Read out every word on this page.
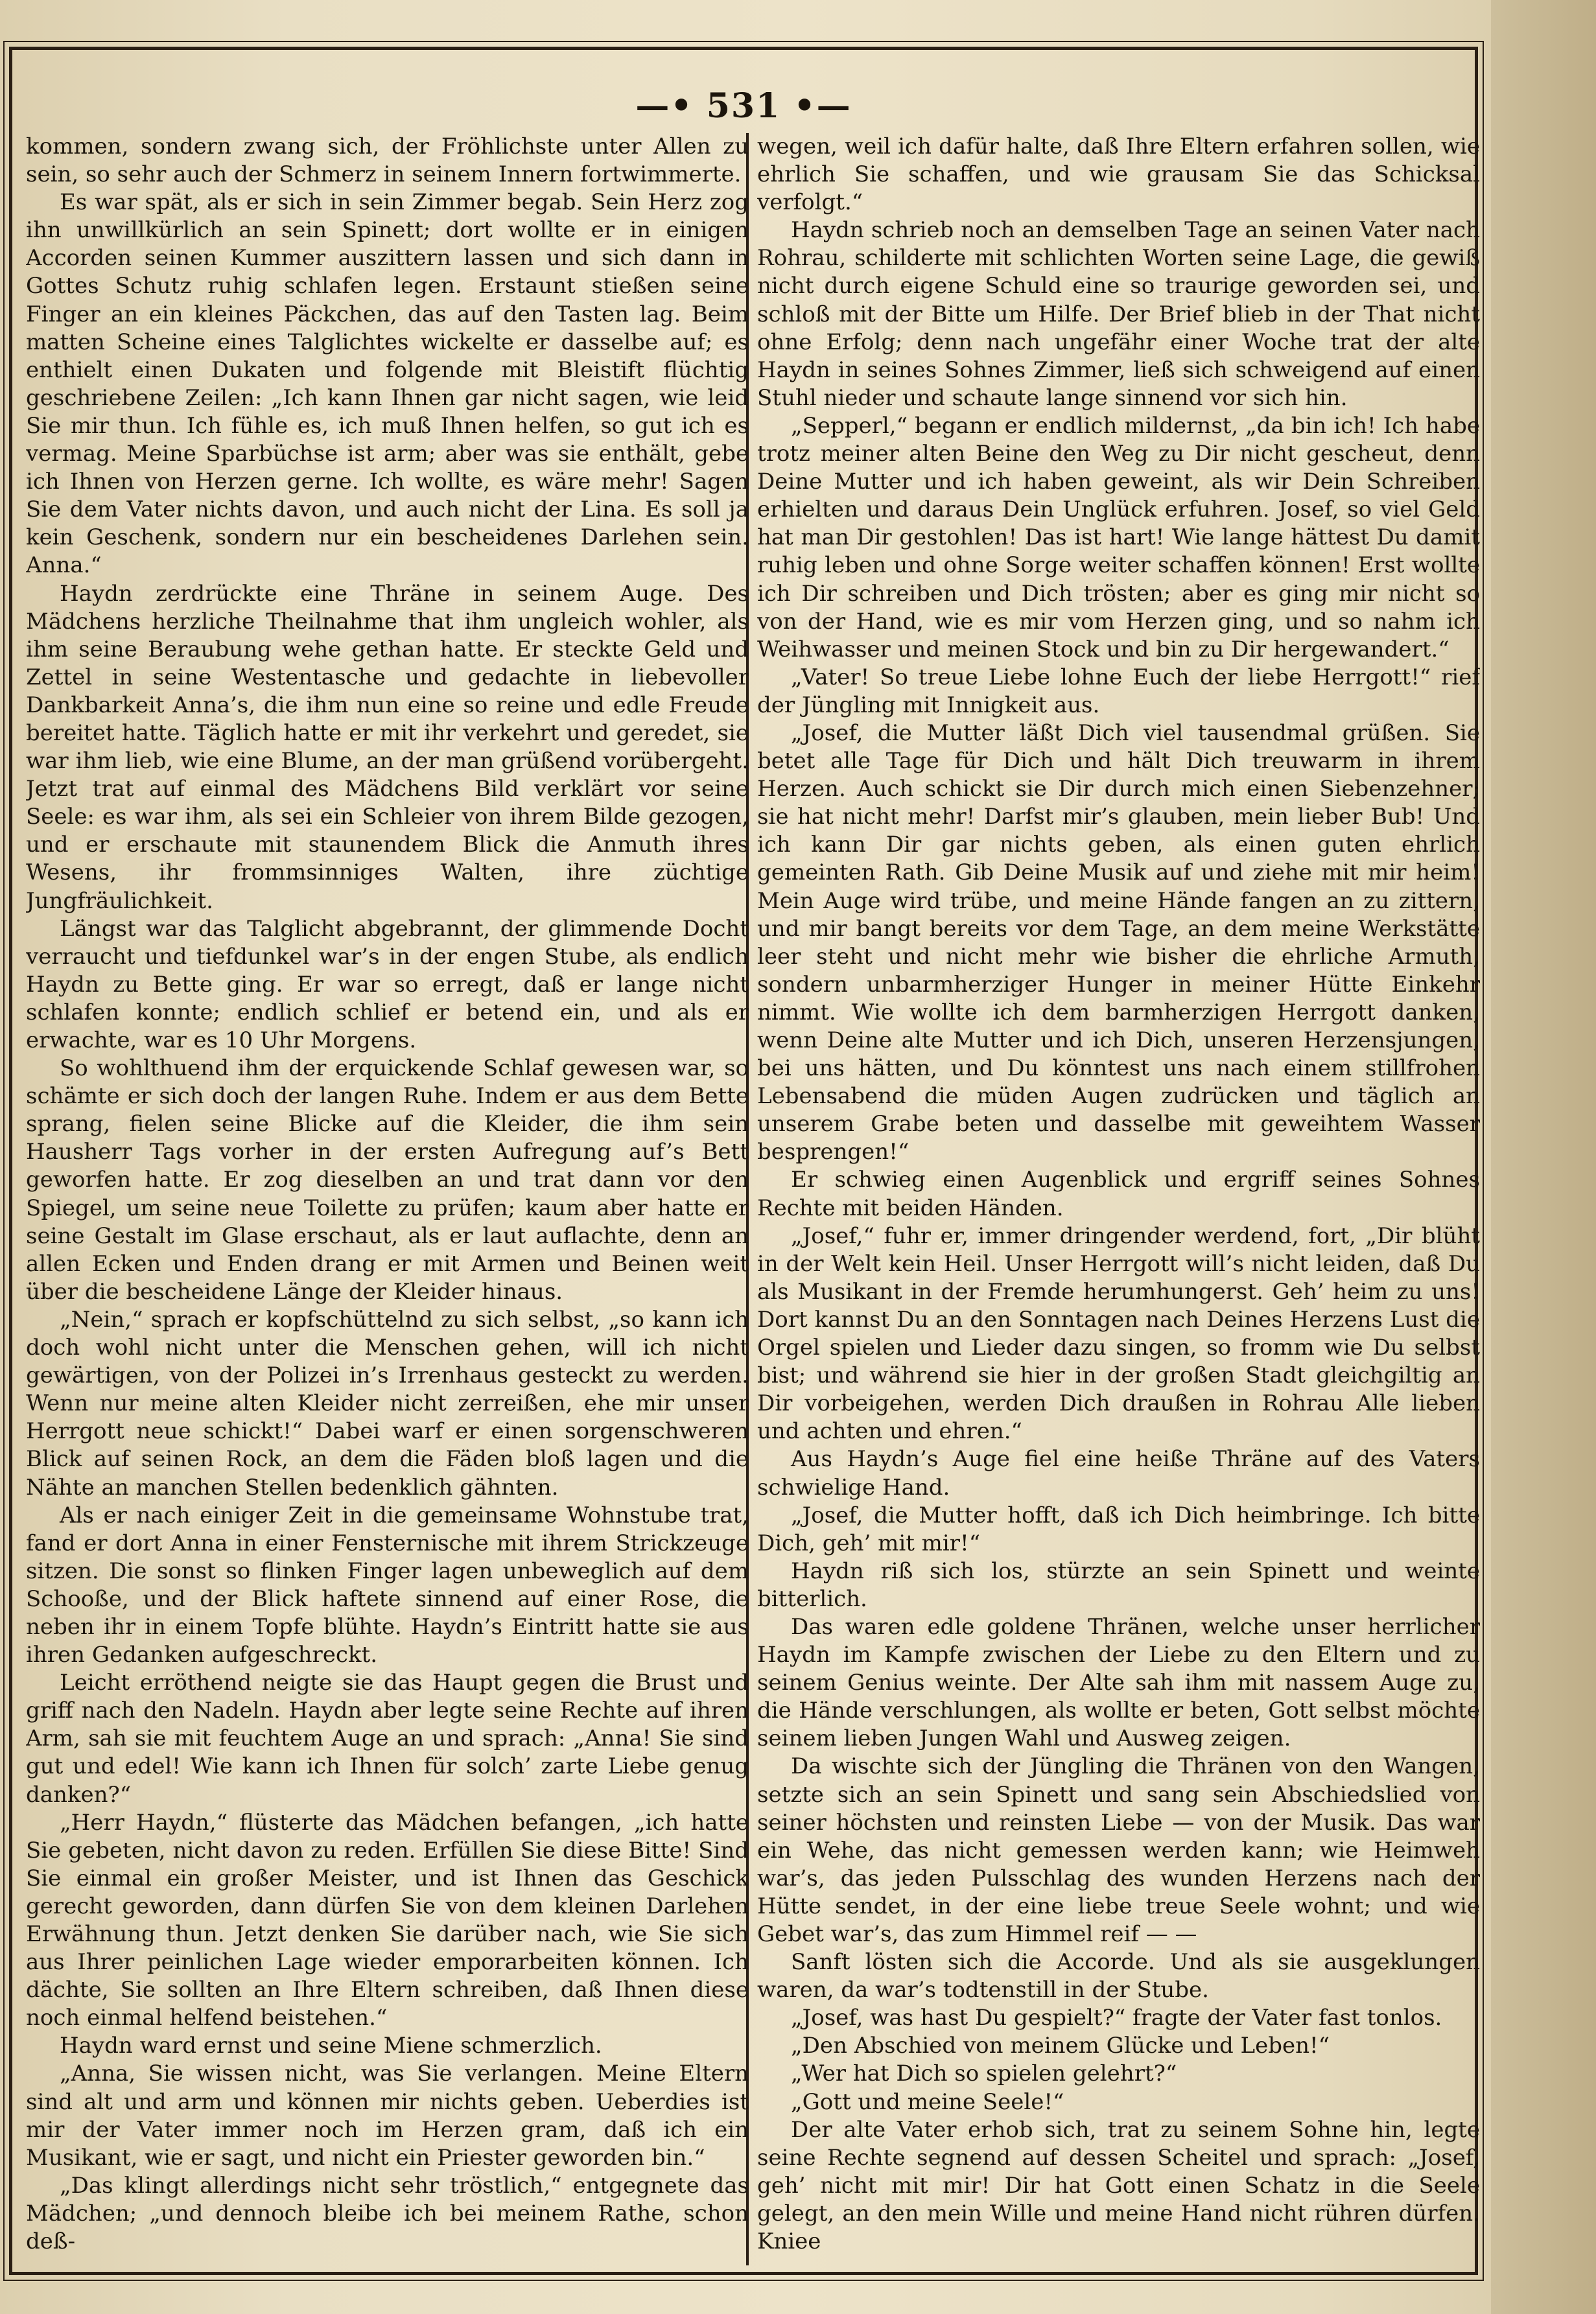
—• 531 •—

kommen, sondern zwang sich, der Fröhlichste unter Allen zu sein, so sehr auch der Schmerz in seinem Innern fortwimmerte.

Es war spät, als er sich in sein Zimmer begab. Sein Herz zog ihn unwillkürlich an sein Spinett; dort wollte er in einigen Accorden seinen Kummer auszittern lassen und sich dann in Gottes Schutz ruhig schlafen legen. Erstaunt stießen seine Finger an ein kleines Päckchen, das auf den Tasten lag. Beim matten Scheine eines Talglichtes wickelte er dasselbe auf; es enthielt einen Dukaten und folgende mit Bleistift flüchtig geschriebene Zeilen: „Ich kann Ihnen gar nicht sagen, wie leid Sie mir thun. Ich fühle es, ich muß Ihnen helfen, so gut ich es vermag. Meine Sparbüchse ist arm; aber was sie enthält, gebe ich Ihnen von Herzen gerne. Ich wollte, es wäre mehr! Sagen Sie dem Vater nichts davon, und auch nicht der Lina. Es soll ja kein Geschenk, sondern nur ein bescheidenes Darlehen sein. Anna.“

Haydn zerdrückte eine Thräne in seinem Auge. Des Mädchens herzliche Theilnahme that ihm ungleich wohler, als ihm seine Beraubung wehe gethan hatte. Er steckte Geld und Zettel in seine Westentasche und gedachte in liebevoller Dankbarkeit Anna’s, die ihm nun eine so reine und edle Freude bereitet hatte. Täglich hatte er mit ihr verkehrt und geredet, sie war ihm lieb, wie eine Blume, an der man grüßend vorübergeht. Jetzt trat auf einmal des Mädchens Bild verklärt vor seine Seele: es war ihm, als sei ein Schleier von ihrem Bilde gezogen, und er erschaute mit staunendem Blick die Anmuth ihres Wesens, ihr frommsinniges Walten, ihre züchtige Jungfräulichkeit.

Längst war das Talglicht abgebrannt, der glimmende Docht verraucht und tiefdunkel war’s in der engen Stube, als endlich Haydn zu Bette ging. Er war so erregt, daß er lange nicht schlafen konnte; endlich schlief er betend ein, und als er erwachte, war es 10 Uhr Morgens.

So wohlthuend ihm der erquickende Schlaf gewesen war, so schämte er sich doch der langen Ruhe. Indem er aus dem Bette sprang, fielen seine Blicke auf die Kleider, die ihm sein Hausherr Tags vorher in der ersten Aufregung auf’s Bett geworfen hatte. Er zog dieselben an und trat dann vor den Spiegel, um seine neue Toilette zu prüfen; kaum aber hatte er seine Gestalt im Glase erschaut, als er laut auflachte, denn an allen Ecken und Enden drang er mit Armen und Beinen weit über die bescheidene Länge der Kleider hinaus.

„Nein,“ sprach er kopfschüttelnd zu sich selbst, „so kann ich doch wohl nicht unter die Menschen gehen, will ich nicht gewärtigen, von der Polizei in’s Irrenhaus gesteckt zu werden. Wenn nur meine alten Kleider nicht zerreißen, ehe mir unser Herrgott neue schickt!“ Dabei warf er einen sorgenschweren Blick auf seinen Rock, an dem die Fäden bloß lagen und die Nähte an manchen Stellen bedenklich gähnten.

Als er nach einiger Zeit in die gemeinsame Wohnstube trat, fand er dort Anna in einer Fensternische mit ihrem Strickzeuge sitzen. Die sonst so flinken Finger lagen unbeweglich auf dem Schooße, und der Blick haftete sinnend auf einer Rose, die neben ihr in einem Topfe blühte. Haydn’s Eintritt hatte sie aus ihren Gedanken aufgeschreckt.

Leicht erröthend neigte sie das Haupt gegen die Brust und griff nach den Nadeln. Haydn aber legte seine Rechte auf ihren Arm, sah sie mit feuchtem Auge an und sprach: „Anna! Sie sind gut und edel! Wie kann ich Ihnen für solch’ zarte Liebe genug danken?“

„Herr Haydn,“ flüsterte das Mädchen befangen, „ich hatte Sie gebeten, nicht davon zu reden. Erfüllen Sie diese Bitte! Sind Sie einmal ein großer Meister, und ist Ihnen das Geschick gerecht geworden, dann dürfen Sie von dem kleinen Darlehen Erwähnung thun. Jetzt denken Sie darüber nach, wie Sie sich aus Ihrer peinlichen Lage wieder emporarbeiten können. Ich dächte, Sie sollten an Ihre Eltern schreiben, daß Ihnen diese noch einmal helfend beistehen.“

Haydn ward ernst und seine Miene schmerzlich.

„Anna, Sie wissen nicht, was Sie verlangen. Meine Eltern sind alt und arm und können mir nichts geben. Ueberdies ist mir der Vater immer noch im Herzen gram, daß ich ein Musikant, wie er sagt, und nicht ein Priester geworden bin.“

„Das klingt allerdings nicht sehr tröstlich,“ entgegnete das Mädchen; „und dennoch bleibe ich bei meinem Rathe, schon deß-

wegen, weil ich dafür halte, daß Ihre Eltern erfahren sollen, wie ehrlich Sie schaffen, und wie grausam Sie das Schicksal verfolgt.“

Haydn schrieb noch an demselben Tage an seinen Vater nach Rohrau, schilderte mit schlichten Worten seine Lage, die gewiß nicht durch eigene Schuld eine so traurige geworden sei, und schloß mit der Bitte um Hilfe. Der Brief blieb in der That nicht ohne Erfolg; denn nach ungefähr einer Woche trat der alte Haydn in seines Sohnes Zimmer, ließ sich schweigend auf einen Stuhl nieder und schaute lange sinnend vor sich hin.

„Sepperl,“ begann er endlich mildernst, „da bin ich! Ich habe trotz meiner alten Beine den Weg zu Dir nicht gescheut, denn Deine Mutter und ich haben geweint, als wir Dein Schreiben erhielten und daraus Dein Unglück erfuhren. Josef, so viel Geld hat man Dir gestohlen! Das ist hart! Wie lange hättest Du damit ruhig leben und ohne Sorge weiter schaffen können! Erst wollte ich Dir schreiben und Dich trösten; aber es ging mir nicht so von der Hand, wie es mir vom Herzen ging, und so nahm ich Weihwasser und meinen Stock und bin zu Dir hergewandert.“

„Vater! So treue Liebe lohne Euch der liebe Herrgott!“ rief der Jüngling mit Innigkeit aus.

„Josef, die Mutter läßt Dich viel tausendmal grüßen. Sie betet alle Tage für Dich und hält Dich treuwarm in ihrem Herzen. Auch schickt sie Dir durch mich einen Siebenzehner; sie hat nicht mehr! Darfst mir’s glauben, mein lieber Bub! Und ich kann Dir gar nichts geben, als einen guten ehrlich gemeinten Rath. Gib Deine Musik auf und ziehe mit mir heim! Mein Auge wird trübe, und meine Hände fangen an zu zittern, und mir bangt bereits vor dem Tage, an dem meine Werkstätte leer steht und nicht mehr wie bisher die ehrliche Armuth, sondern unbarmherziger Hunger in meiner Hütte Einkehr nimmt. Wie wollte ich dem barmherzigen Herrgott danken, wenn Deine alte Mutter und ich Dich, unseren Herzensjungen, bei uns hätten, und Du könntest uns nach einem stillfrohen Lebensabend die müden Augen zudrücken und täglich an unserem Grabe beten und dasselbe mit geweihtem Wasser besprengen!“

Er schwieg einen Augenblick und ergriff seines Sohnes Rechte mit beiden Händen.

„Josef,“ fuhr er, immer dringender werdend, fort, „Dir blüht in der Welt kein Heil. Unser Herrgott will’s nicht leiden, daß Du als Musikant in der Fremde herumhungerst. Geh’ heim zu uns! Dort kannst Du an den Sonntagen nach Deines Herzens Lust die Orgel spielen und Lieder dazu singen, so fromm wie Du selbst bist; und während sie hier in der großen Stadt gleichgiltig an Dir vorbeigehen, werden Dich draußen in Rohrau Alle lieben und achten und ehren.“

Aus Haydn’s Auge fiel eine heiße Thräne auf des Vaters schwielige Hand.

„Josef, die Mutter hofft, daß ich Dich heimbringe. Ich bitte Dich, geh’ mit mir!“

Haydn riß sich los, stürzte an sein Spinett und weinte bitterlich.

Das waren edle goldene Thränen, welche unser herrlicher Haydn im Kampfe zwischen der Liebe zu den Eltern und zu seinem Genius weinte. Der Alte sah ihm mit nassem Auge zu, die Hände verschlungen, als wollte er beten, Gott selbst möchte seinem lieben Jungen Wahl und Ausweg zeigen.

Da wischte sich der Jüngling die Thränen von den Wangen, setzte sich an sein Spinett und sang sein Abschiedslied von seiner höchsten und reinsten Liebe — von der Musik. Das war ein Wehe, das nicht gemessen werden kann; wie Heimweh war’s, das jeden Pulsschlag des wunden Herzens nach der Hütte sendet, in der eine liebe treue Seele wohnt; und wie Gebet war’s, das zum Himmel reif — —

Sanft lösten sich die Accorde. Und als sie ausgeklungen waren, da war’s todtenstill in der Stube.

„Josef, was hast Du gespielt?“ fragte der Vater fast tonlos.

„Den Abschied von meinem Glücke und Leben!“

„Wer hat Dich so spielen gelehrt?“

„Gott und meine Seele!“

Der alte Vater erhob sich, trat zu seinem Sohne hin, legte seine Rechte segnend auf dessen Scheitel und sprach: „Josef, geh’ nicht mit mir! Dir hat Gott einen Schatz in die Seele gelegt, an den mein Wille und meine Hand nicht rühren dürfen. Kniee
